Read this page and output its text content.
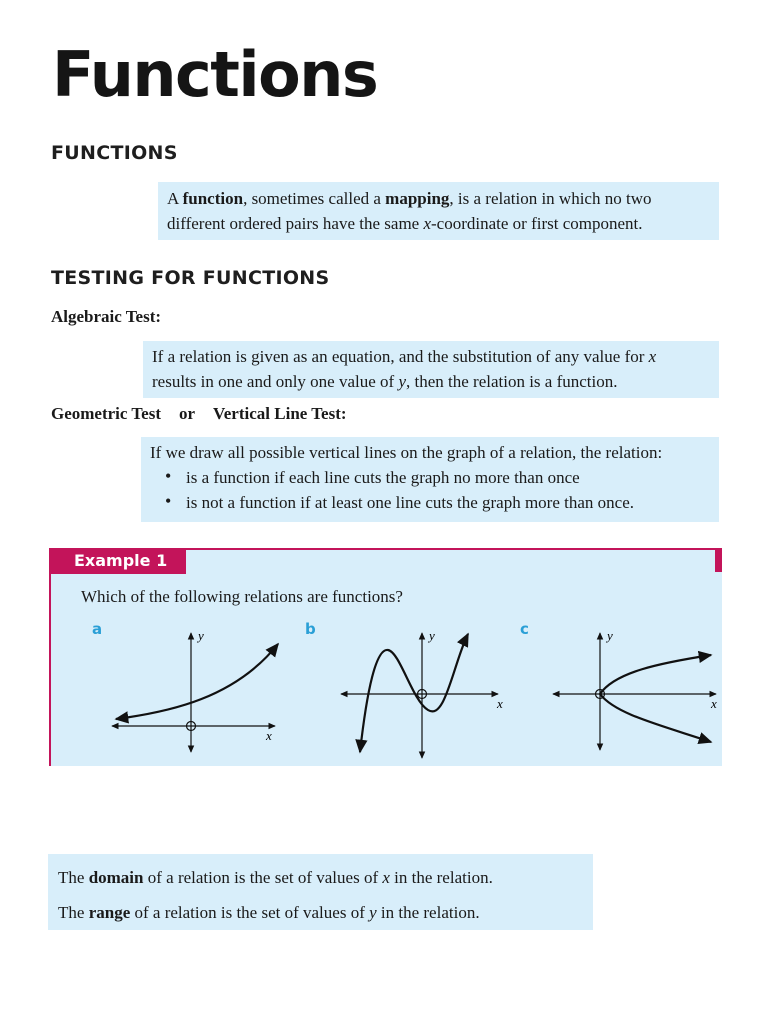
Functions
FUNCTIONS
A function, sometimes called a mapping, is a relation in which no two
different ordered pairs have the same x-coordinate or first component.
TESTING FOR FUNCTIONS
Algebraic Test:
If a relation is given as an equation, and the substitution of any value for x
results in one and only one value of y, then the relation is a function.
Geometric Test or Vertical Line Test:
If we draw all possible vertical lines on the graph of a relation, the relation:
• is a function if each line cuts the graph no more than once
• is not a function if at least one line cuts the graph more than once.
Example 1
Which of the following relations are functions?
a	b	c
y
x
y
x
y
x
The domain of a relation is the set of values of x in the relation.
The range of a relation is the set of values of y in the relation.
